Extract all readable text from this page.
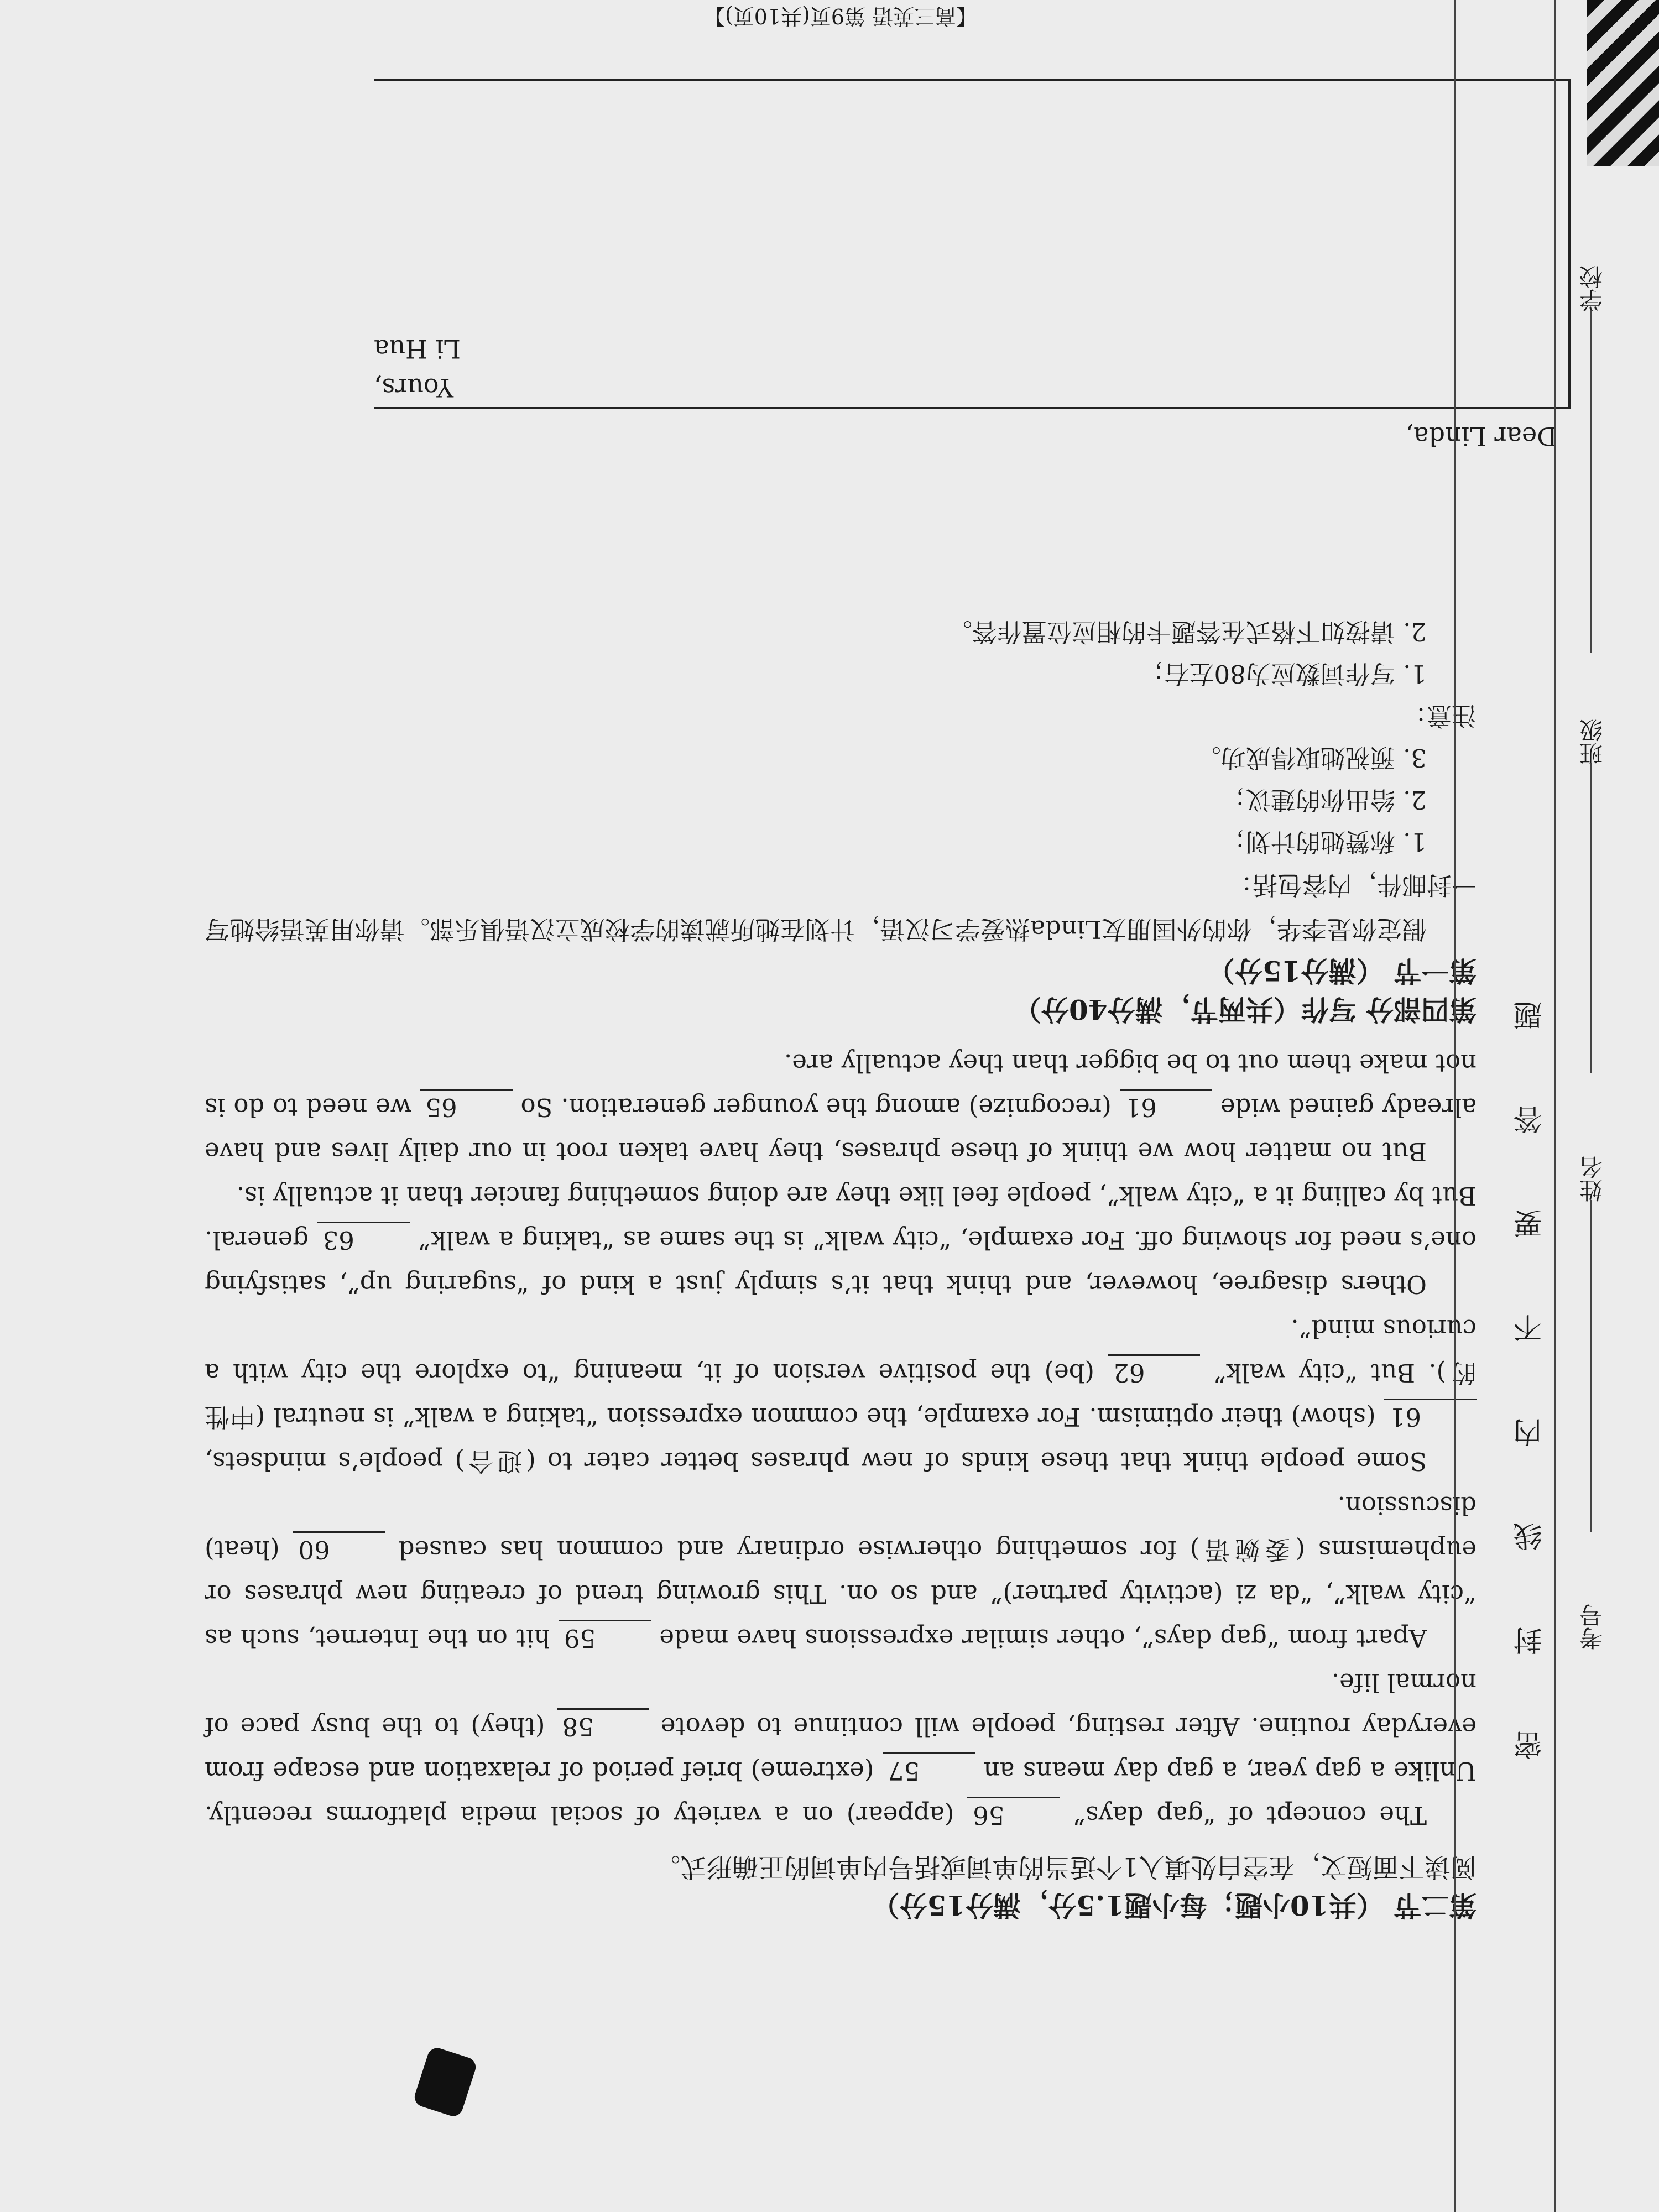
第二节 （共10小题；每小题1.5分，满分15分）
阅读下面短文，在空白处填入1个适当的单词或括号内单词的正确形式。

The concept of “gap days” 56 (appear) on a variety of social media platforms recently. Unlike a gap year, a gap day means an 57 (extreme) brief period of relaxation and escape from everyday routine. After resting, people will continue to devote 58 (they) to the busy pace of normal life.

Apart from “gap days”, other similar expressions have made 59 hit on the Internet, such as “city walk”, “da zi (activity partner)” and so on. This growing trend of creating new phrases or euphemisms (委婉语) for something otherwise ordinary and common has caused 60 (heat) discussion.

Some people think that these kinds of new phrases better cater to (迎合) people’s mindsets, 61 (show) their optimism. For example, the common expression “taking a walk” is neutral (中性的). But “city walk” 62 (be) the positive version of it, meaning “to explore the city with a curious mind”.

Others disagree, however, and think that it’s simply just a kind of “sugaring up”, satisfying one’s need for showing off. For example, “city walk” is the same as “taking a walk” 63 general. But by calling it a “city walk”, people feel like they are doing something fancier than it actually is.

But no matter how we think of these phrases, they have taken root in our daily lives and have already gained wide 61 (recognize) among the younger generation. So 65 we need to do is not make them out to be bigger than they actually are.

第四部分 写作（共两节，满分40分）
第一节 （满分15分）

假定你是李华，你的外国朋友Linda热爱学习汉语，计划在她所就读的学校成立汉语俱乐部。请你用英语给她写一封邮件，内容包括：

1. 称赞她的计划；
2. 给出你的建议；
3. 预祝她取得成功。
注意：
1. 写作词数应为80左右；
2. 请按如下格式在答题卡的相应位置作答。
Dear Linda,
Yours,
Li Hua
【高三英语 第9页(共10页)】
学校
班级
姓名
考号
密 封 线 内 不 要 答 题
